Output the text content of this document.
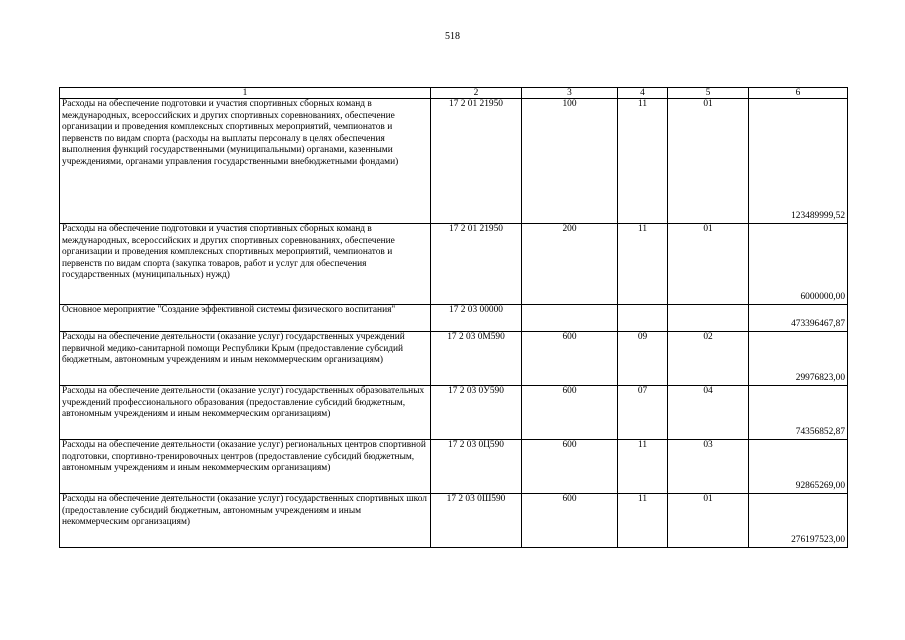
518
1	2	3	4	5	6
Расходы на обеспечение подготовки и участия спортивных сборных команд в международных, всероссийских и других спортивных соревнованиях, обеспечение организации и проведения комплексных спортивных мероприятий, чемпионатов и первенств по видам спорта (расходы на выплаты персоналу в целях обеспечения выполнения функций государственными (муниципальными) органами, казенными учреждениями, органами управления государственными внебюджетными фондами)	17 2 01 21950	100	11	01	123489999,52
Расходы на обеспечение подготовки и участия спортивных сборных команд в международных, всероссийских и других спортивных соревнованиях, обеспечение организации и проведения комплексных спортивных мероприятий, чемпионатов и первенств по видам спорта (закупка товаров, работ и услуг для обеспечения государственных (муниципальных) нужд)	17 2 01 21950	200	11	01	6000000,00
Основное мероприятие "Создание эффективной системы физического воспитания"	17 2 03 00000				473396467,87
Расходы на обеспечение деятельности (оказание услуг) государственных учреждений первичной медико-санитарной помощи Республики Крым (предоставление субсидий бюджетным, автономным учреждениям и иным некоммерческим организациям)	17 2 03 0М590	600	09	02	29976823,00
Расходы на обеспечение деятельности (оказание услуг) государственных образовательных учреждений профессионального образования (предоставление субсидий бюджетным, автономным учреждениям и иным некоммерческим организациям)	17 2 03 0У590	600	07	04	74356852,87
Расходы на обеспечение деятельности (оказание услуг) региональных центров спортивной подготовки, спортивно-тренировочных центров (предоставление субсидий бюджетным, автономным учреждениям и иным некоммерческим организациям)	17 2 03 0Ц590	600	11	03	92865269,00
Расходы на обеспечение деятельности (оказание услуг) государственных спортивных школ (предоставление субсидий бюджетным, автономным учреждениям и иным некоммерческим организациям)	17 2 03 0Ш590	600	11	01	276197523,00
